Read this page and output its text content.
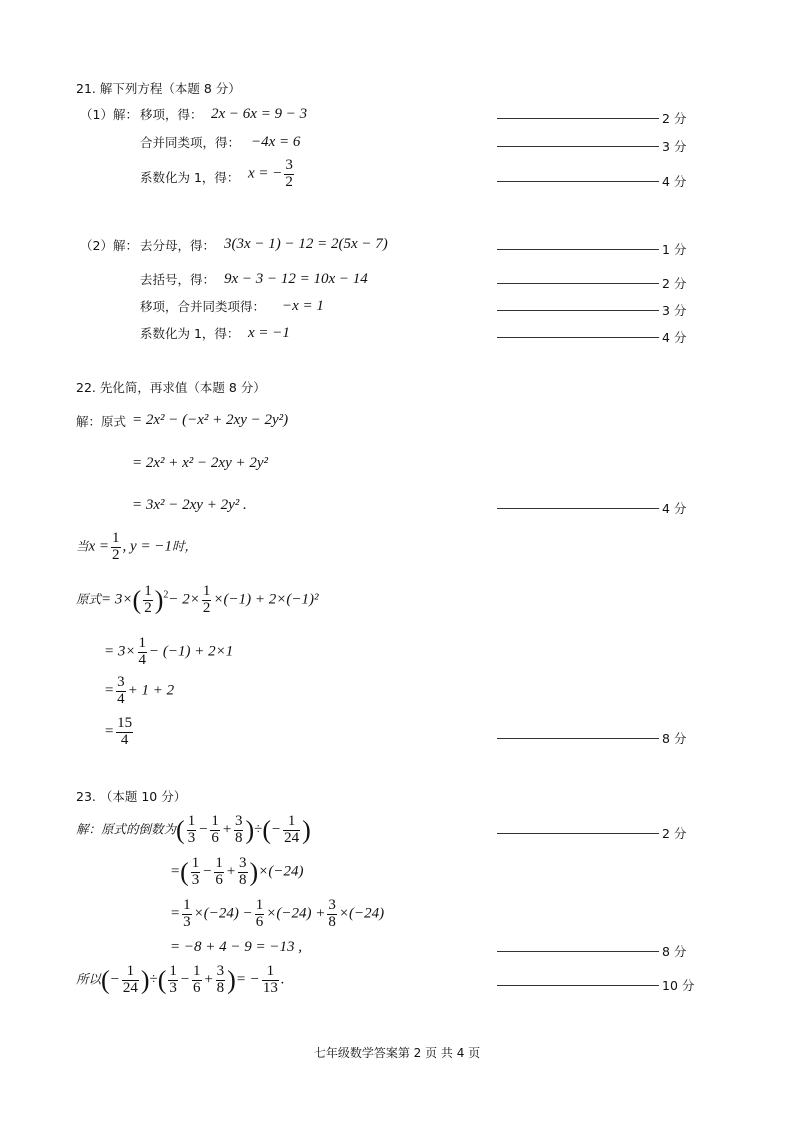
21. 解下列方程（本题 8 分）
（1）解： 移项，得： 2x − 6x = 9 − 3
合并同类项，得： −4x = 6
系数化为 1，得： x = − $\frac{3}{2}$
（2）解： 去分母，得： 3(3x − 1) − 12 = 2(5x − 7)
去括号，得： 9x − 3 − 12 = 10x − 14
移项，合并同类项得： −x = 1
系数化为 1，得： x = −1
22. 先化简，再求值（本题 8 分）
解：原式 = 2x² − (−x² + 2xy − 2y²)
= 2x² + x² − 2xy + 2y²
= 3x² − 2xy + 2y² .
当$x = \frac{1}{2}$ , y = −1时，
原式= $3\times( \frac{1}{2} )^2- 2\times \frac{1}{2} \times(-1) + 2\times(-1)^2$
= $3\times \frac{1}{4} - (-1) + 2\times 1$
= $\frac{3}{4} + 1 + 2$
= $\frac{15}{4}$
23. （本题 10 分）
解：原式的倒数为( $\frac{1}{3} - \frac{1}{6} + \frac{3}{8}$ )÷(− $\frac{1}{24}$ )
=( $\frac{1}{3} - \frac{1}{6} + \frac{3}{8} )\times(-24)$
= $\frac{1}{3} \times(-24) - \frac{1}{6} \times(-24) + \frac{3}{8} \times(-24)$
= −8 + 4 − 9 = −13 ,
所以(− $\frac{1}{24}$ )÷( $\frac{1}{3} - \frac{1}{6} + \frac{3}{8}$ )= − $\frac{1}{13}$ .
2 分
3 分
4 分
1 分
2 分
3 分
4 分
4 分
8 分
2 分
8 分
10 分
七年级数学答案第 2 页 共 4 页
